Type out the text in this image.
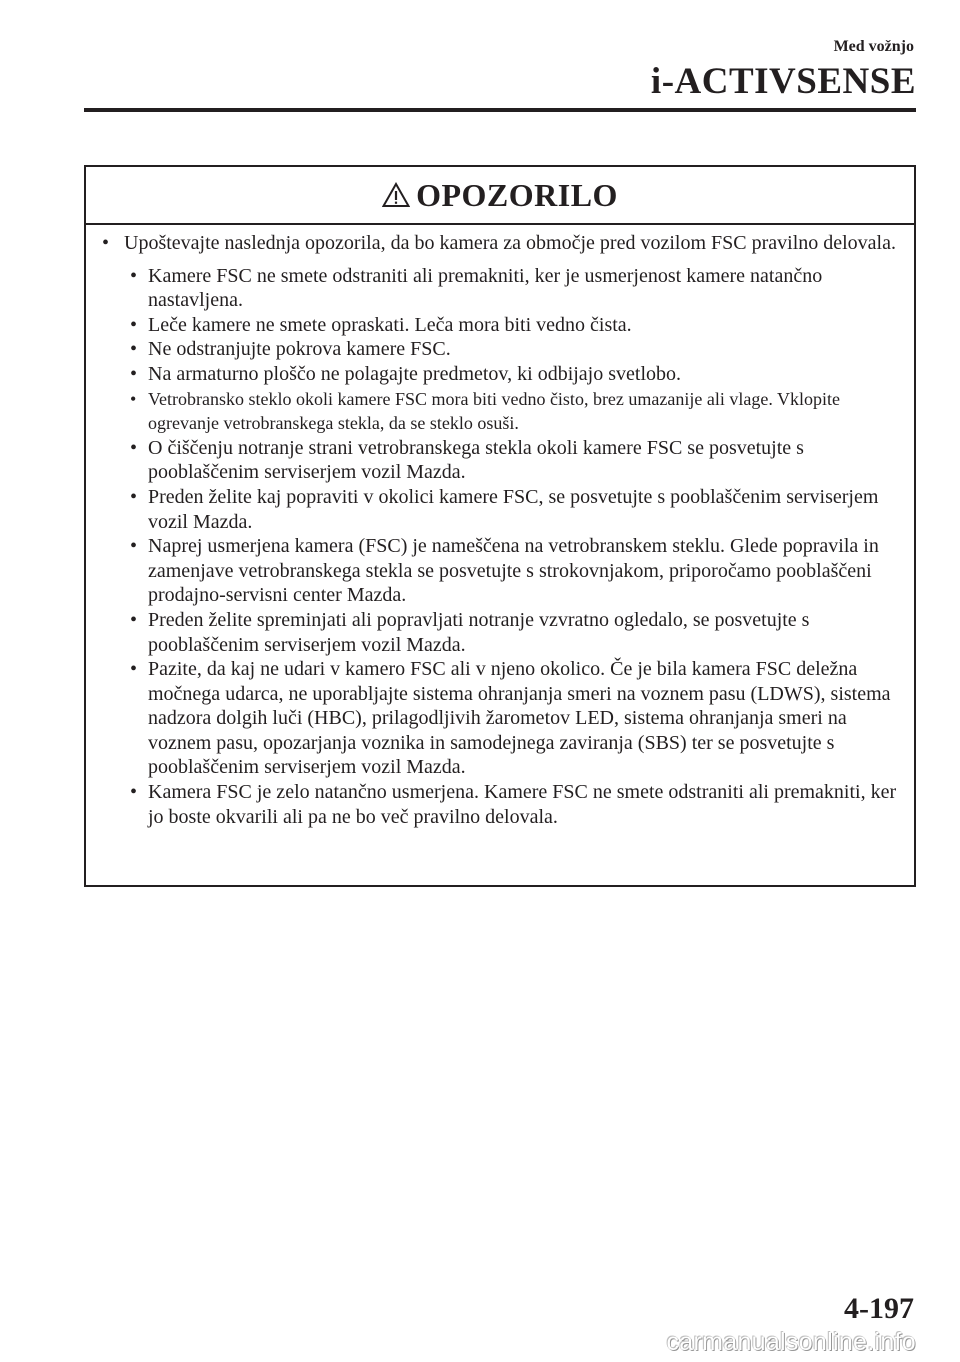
Med vožnjo
i-ACTIVSENSE
OPOZORILO

• Upoštevajte naslednja opozorila, da bo kamera za območje pred vozilom FSC pravilno delovala.

• Kamere FSC ne smete odstraniti ali premakniti, ker je usmerjenost kamere natančno nastavljena.
• Leče kamere ne smete opraskati. Leča mora biti vedno čista.
• Ne odstranjujte pokrova kamere FSC.
• Na armaturno ploščo ne polagajte predmetov, ki odbijajo svetlobo.
• Vetrobransko steklo okoli kamere FSC mora biti vedno čisto, brez umazanije ali vlage. Vklopite ogrevanje vetrobranskega stekla, da se steklo osuši.
• O čiščenju notranje strani vetrobranskega stekla okoli kamere FSC se posvetujte s pooblaščenim serviserjem vozil Mazda.
• Preden želite kaj popraviti v okolici kamere FSC, se posvetujte s pooblaščenim serviserjem vozil Mazda.
• Naprej usmerjena kamera (FSC) je nameščena na vetrobranskem steklu. Glede popravila in zamenjave vetrobranskega stekla se posvetujte s strokovnjakom, priporočamo pooblaščeni prodajno-servisni center Mazda.
• Preden želite spreminjati ali popravljati notranje vzvratno ogledalo, se posvetujte s pooblaščenim serviserjem vozil Mazda.
• Pazite, da kaj ne udari v kamero FSC ali v njeno okolico. Če je bila kamera FSC deležna močnega udarca, ne uporabljajte sistema ohranjanja smeri na voznem pasu (LDWS), sistema nadzora dolgih luči (HBC), prilagodljivih žarometov LED, sistema ohranjanja smeri na voznem pasu, opozarjanja voznika in samodejnega zaviranja (SBS) ter se posvetujte s pooblaščenim serviserjem vozil Mazda.
• Kamera FSC je zelo natančno usmerjena. Kamere FSC ne smete odstraniti ali premakniti, ker jo boste okvarili ali pa ne bo več pravilno delovala.
4-197
carmanualsonline.info
